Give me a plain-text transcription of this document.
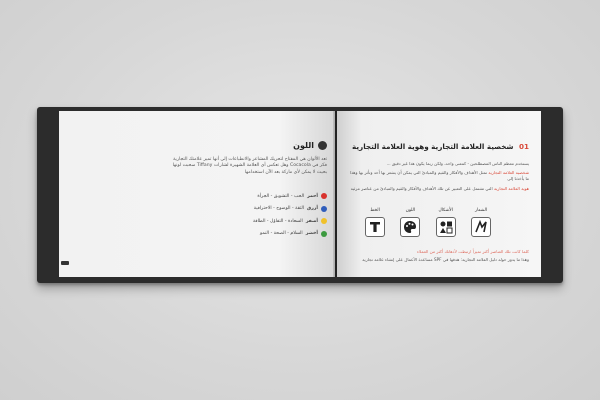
اللون
تعد الألوان هي المفتاح لتحريك المشاعر والانطباعات إلى أنها تميز علامتك التجارية فكر في Cocacola وهل تعكس أي العلامة الشهيرة لشارات Tiffany سحبت لونها بحيث لا يمكن لأي ماركة بعد الآن استخدامها
أحمر
الحب - التشويق - الجرأة
أزرق
الثقة - الوضوح - الاحترافية
أصفر
السعادة - التفاؤل - الطاقة
أخضر
السلام - الصحة - النمو
01 شخصية العلامة التجارية وهوية العلامة التجارية
يستخدم معظم الناس المصطلحين - كمعنى واحد، ولكن ربما يكون هذا غير دقيق ...
شخصية العلامة التجارية تمثل الأهداف والأفكار والقيم والمبادئ التي يمكن أن يشعر بها أحد وتأثر بها وهذا ما يأخذنا إلى
هوية العلامة التجارية التي تشتمل على التعبير عن تلك الأهداف والأفكار والقيم والمبادئ من عناصر مرئية
الشعار
الأشكال
اللون
الخط
كلما كانت تلك العناصر أكثر تميزاً ارتبطت لأذهانك أكثر من العملاء
وهذا ما يدور حوله دليل العلامة التجارية: هدفها في SPF مساعدة الأعمال على إنشاء علامة تجارية
